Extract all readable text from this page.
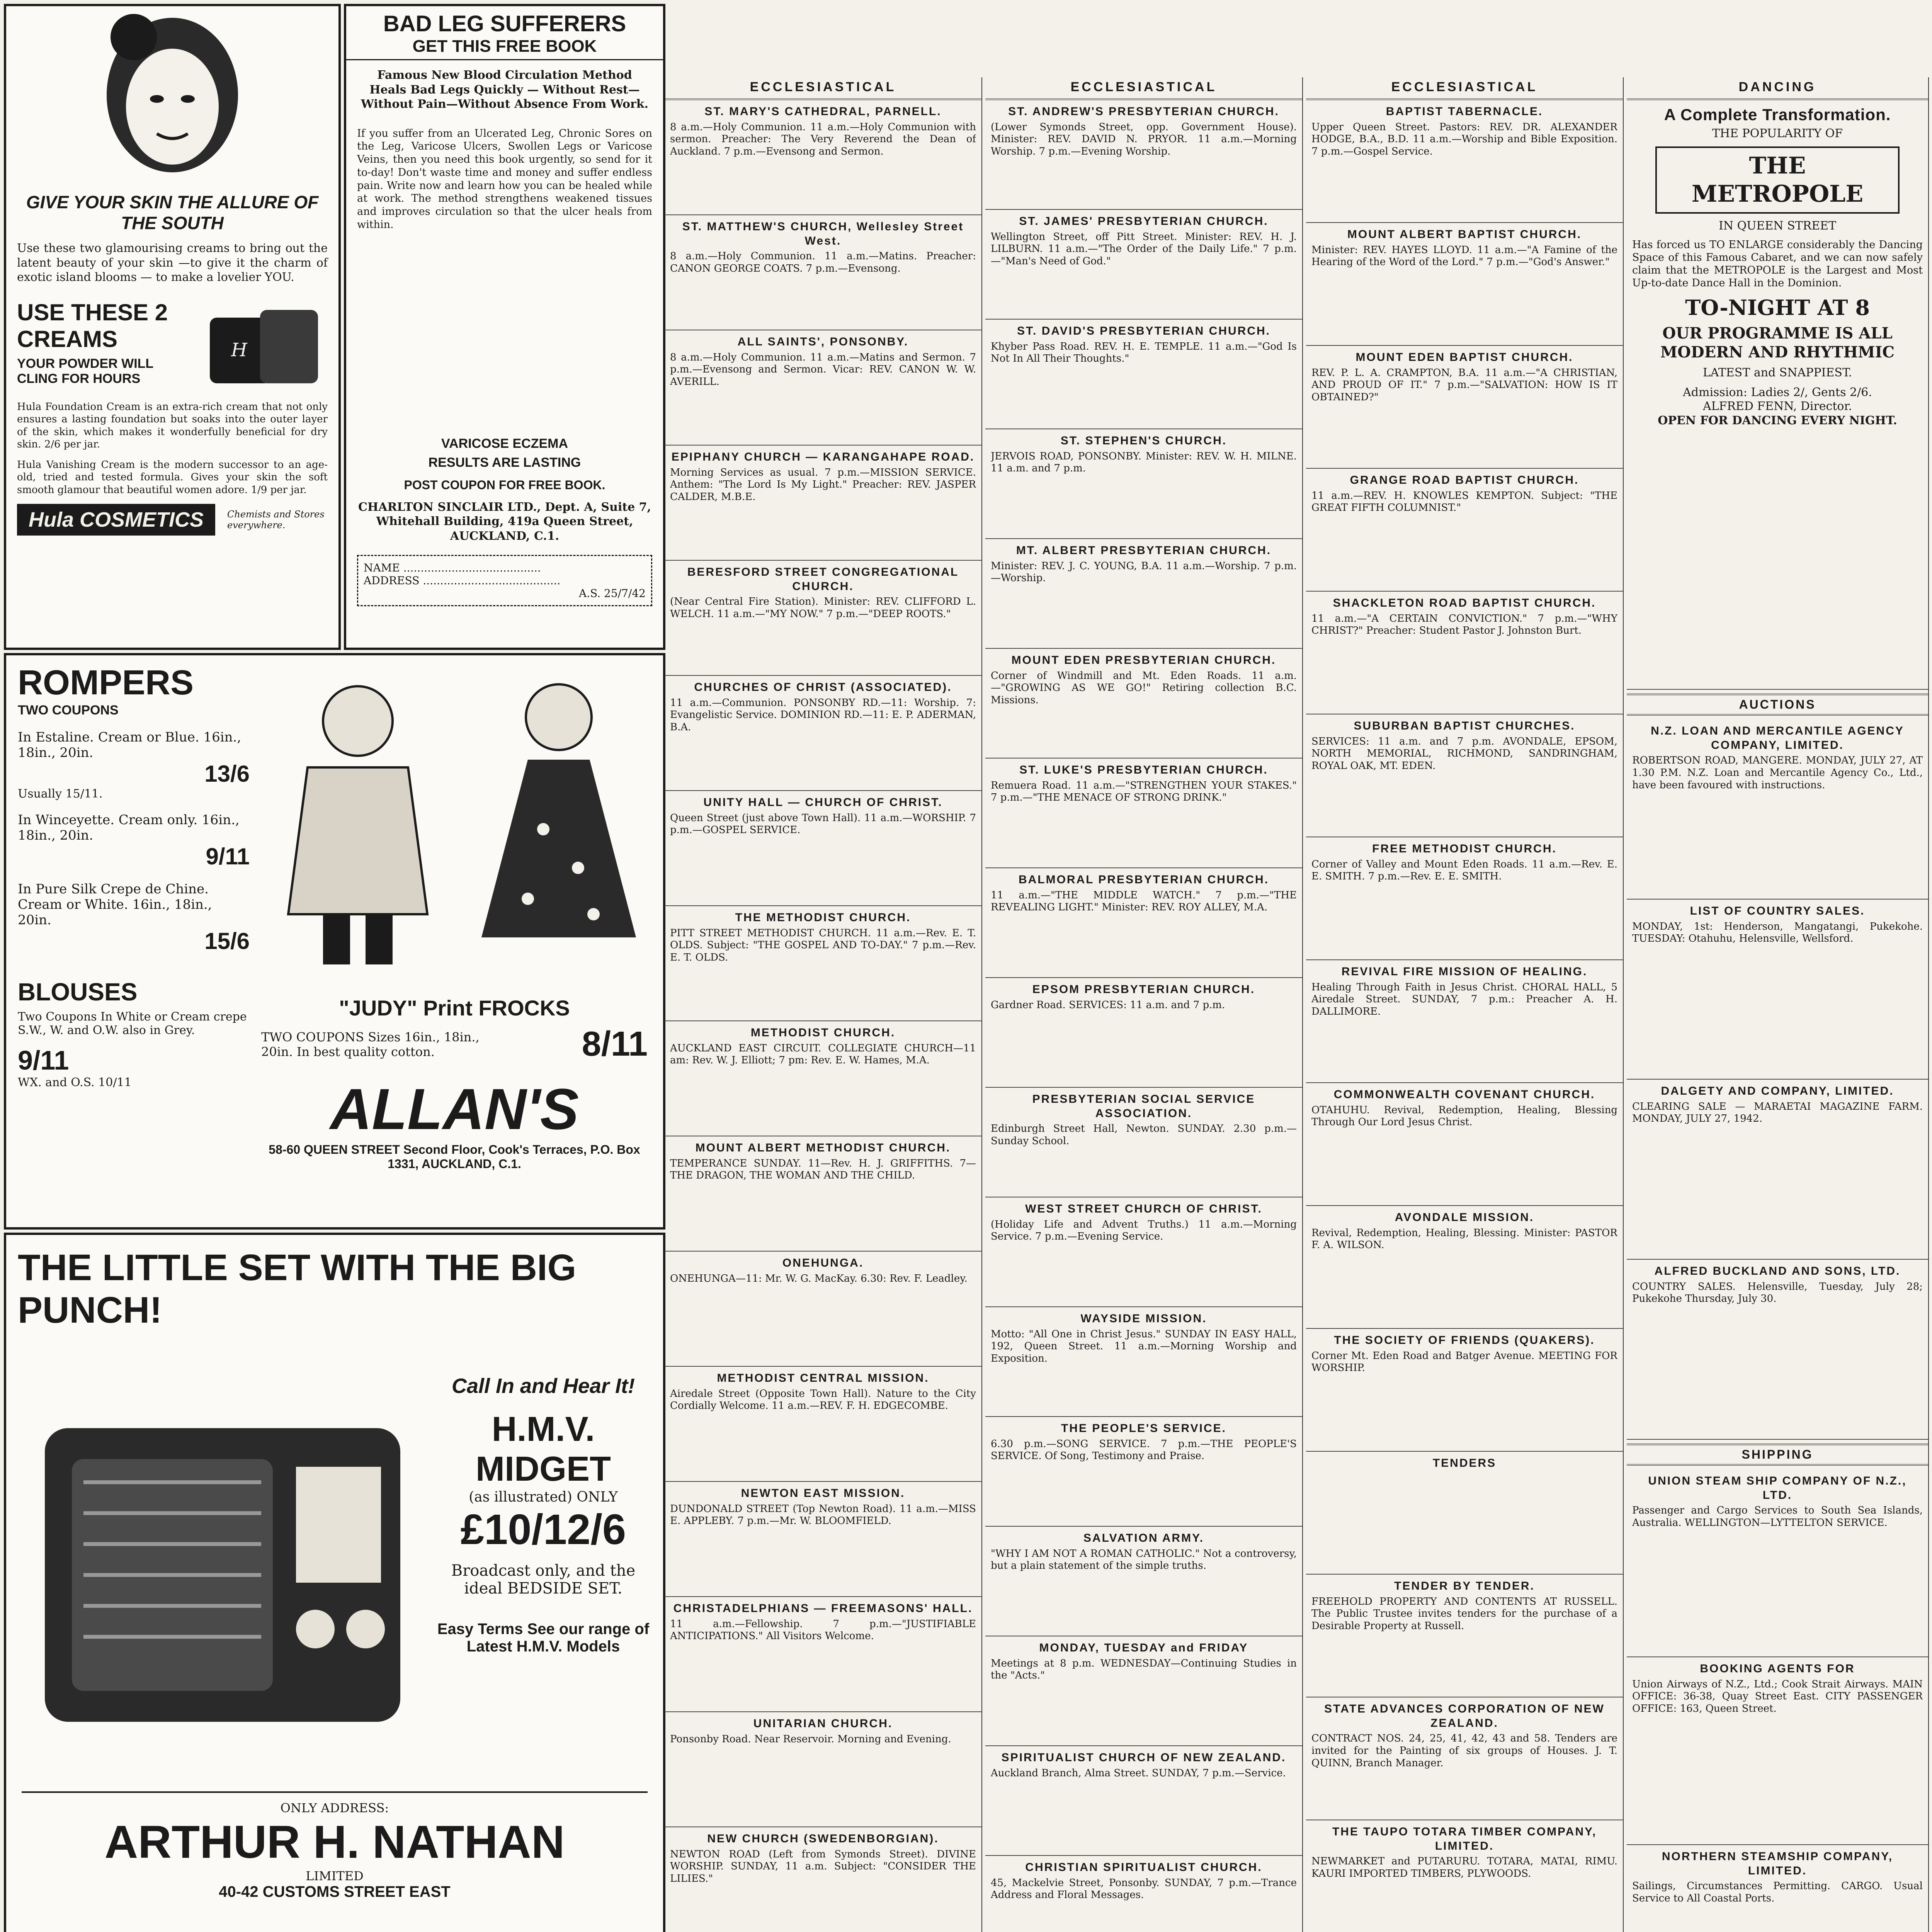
GIVE YOUR SKIN THE ALLURE OF THE SOUTH
Use these two glamourising creams to bring out the latent beauty of your skin —to give it the charm of exotic island blooms — to make a lovelier YOU.
USE THESE 2 CREAMS
YOUR POWDER WILL CLING FOR HOURS
H
Hula Foundation Cream is an extra-rich cream that not only ensures a lasting foundation but soaks into the outer layer of the skin, which makes it wonderfully beneficial for dry skin. 2/6 per jar.
Hula Vanishing Cream is the modern successor to an age-old, tried and tested formula. Gives your skin the soft smooth glamour that beautiful women adore. 1/9 per jar.
Hula COSMETICS	Chemists and Stores everywhere.
BAD LEG SUFFERERS
GET THIS FREE BOOK
Famous New Blood Circulation Method Heals Bad Legs Quickly — Without Rest—Without Pain—Without Absence From Work.
If you suffer from an Ulcerated Leg, Chronic Sores on the Leg, Varicose Ulcers, Swollen Legs or Varicose Veins, then you need this book urgently, so send for it to-day! Don't waste time and money and suffer endless pain. Write now and learn how you can be healed while at work. The method strengthens weakened tissues and improves circulation so that the ulcer heals from within.
VARICOSE ECZEMA
RESULTS ARE LASTING
POST COUPON FOR FREE BOOK.
CHARLTON SINCLAIR LTD., Dept. A, Suite 7, Whitehall Building, 419a Queen Street, AUCKLAND, C.1.
NAME ........................................
ADDRESS ........................................
A.S. 25/7/42
ROMPERS
TWO COUPONS
In Estaline. Cream or Blue. 16in., 18in., 20in.
13/6
Usually 15/11.
In Winceyette. Cream only. 16in., 18in., 20in.
9/11
In Pure Silk Crepe de Chine. Cream or White. 16in., 18in., 20in.
15/6
BLOUSES
Two Coupons In White or Cream crepe S.W., W. and O.W. also in Grey.
9/11
WX. and O.S. 10/11
"JUDY" Print FROCKS
TWO COUPONS Sizes 16in., 18in., 20in. In best quality cotton.	8/11
ALLAN'S
58-60 QUEEN STREET Second Floor, Cook's Terraces, P.O. Box 1331, AUCKLAND, C.1.
THE LITTLE SET WITH THE BIG PUNCH!
Call In and Hear It!
H.M.V. MIDGET
(as illustrated) ONLY
£10/12/6
Broadcast only, and the ideal BEDSIDE SET.
Easy Terms See our range of Latest H.M.V. Models
ONLY ADDRESS:
ARTHUR H. NATHAN
LIMITED
40-42 CUSTOMS STREET EAST
ECCLESIASTICAL
ST. MARY'S CATHEDRAL, PARNELL.
8 a.m.—Holy Communion. 11 a.m.—Holy Communion with sermon. Preacher: The Very Reverend the Dean of Auckland. 7 p.m.—Evensong and Sermon.
ST. MATTHEW'S CHURCH, Wellesley Street West.
8 a.m.—Holy Communion. 11 a.m.—Matins. Preacher: CANON GEORGE COATS. 7 p.m.—Evensong.
ALL SAINTS', PONSONBY.
8 a.m.—Holy Communion. 11 a.m.—Matins and Sermon. 7 p.m.—Evensong and Sermon. Vicar: REV. CANON W. W. AVERILL.
EPIPHANY CHURCH — KARANGAHAPE ROAD.
Morning Services as usual. 7 p.m.—MISSION SERVICE. Anthem: "The Lord Is My Light." Preacher: REV. JASPER CALDER, M.B.E.
BERESFORD STREET CONGREGATIONAL CHURCH.
(Near Central Fire Station). Minister: REV. CLIFFORD L. WELCH. 11 a.m.—"MY NOW." 7 p.m.—"DEEP ROOTS."
CHURCHES OF CHRIST (ASSOCIATED).
11 a.m.—Communion. PONSONBY RD.—11: Worship. 7: Evangelistic Service. DOMINION RD.—11: E. P. ADERMAN, B.A.
UNITY HALL — CHURCH OF CHRIST.
Queen Street (just above Town Hall). 11 a.m.—WORSHIP. 7 p.m.—GOSPEL SERVICE.
THE METHODIST CHURCH.
PITT STREET METHODIST CHURCH. 11 a.m.—Rev. E. T. OLDS. Subject: "THE GOSPEL AND TO-DAY." 7 p.m.—Rev. E. T. OLDS.
METHODIST CHURCH.
AUCKLAND EAST CIRCUIT. COLLEGIATE CHURCH—11 am: Rev. W. J. Elliott; 7 pm: Rev. E. W. Hames, M.A.
MOUNT ALBERT METHODIST CHURCH.
TEMPERANCE SUNDAY. 11—Rev. H. J. GRIFFITHS. 7—THE DRAGON, THE WOMAN AND THE CHILD.
ONEHUNGA.
ONEHUNGA—11: Mr. W. G. MacKay. 6.30: Rev. F. Leadley.
METHODIST CENTRAL MISSION.
Airedale Street (Opposite Town Hall). Nature to the City Cordially Welcome. 11 a.m.—REV. F. H. EDGECOMBE.
NEWTON EAST MISSION.
DUNDONALD STREET (Top Newton Road). 11 a.m.—MISS E. APPLEBY. 7 p.m.—Mr. W. BLOOMFIELD.
CHRISTADELPHIANS — FREEMASONS' HALL.
11 a.m.—Fellowship. 7 p.m.—"JUSTIFIABLE ANTICIPATIONS." All Visitors Welcome.
UNITARIAN CHURCH.
Ponsonby Road. Near Reservoir. Morning and Evening.
NEW CHURCH (SWEDENBORGIAN).
NEWTON ROAD (Left from Symonds Street). DIVINE WORSHIP. SUNDAY, 11 a.m. Subject: "CONSIDER THE LILIES."
ECCLESIASTICAL
ST. ANDREW'S PRESBYTERIAN CHURCH.
(Lower Symonds Street, opp. Government House). Minister: REV. DAVID N. PRYOR. 11 a.m.—Morning Worship. 7 p.m.—Evening Worship.
ST. JAMES' PRESBYTERIAN CHURCH.
Wellington Street, off Pitt Street. Minister: REV. H. J. LILBURN. 11 a.m.—"The Order of the Daily Life." 7 p.m.—"Man's Need of God."
ST. DAVID'S PRESBYTERIAN CHURCH.
Khyber Pass Road. REV. H. E. TEMPLE. 11 a.m.—"God Is Not In All Their Thoughts."
ST. STEPHEN'S CHURCH.
JERVOIS ROAD, PONSONBY. Minister: REV. W. H. MILNE. 11 a.m. and 7 p.m.
MT. ALBERT PRESBYTERIAN CHURCH.
Minister: REV. J. C. YOUNG, B.A. 11 a.m.—Worship. 7 p.m.—Worship.
MOUNT EDEN PRESBYTERIAN CHURCH.
Corner of Windmill and Mt. Eden Roads. 11 a.m.—"GROWING AS WE GO!" Retiring collection B.C. Missions.
ST. LUKE'S PRESBYTERIAN CHURCH.
Remuera Road. 11 a.m.—"STRENGTHEN YOUR STAKES." 7 p.m.—"THE MENACE OF STRONG DRINK."
BALMORAL PRESBYTERIAN CHURCH.
11 a.m.—"THE MIDDLE WATCH." 7 p.m.—"THE REVEALING LIGHT." Minister: REV. ROY ALLEY, M.A.
EPSOM PRESBYTERIAN CHURCH.
Gardner Road. SERVICES: 11 a.m. and 7 p.m.
PRESBYTERIAN SOCIAL SERVICE ASSOCIATION.
Edinburgh Street Hall, Newton. SUNDAY. 2.30 p.m.—Sunday School.
WEST STREET CHURCH OF CHRIST.
(Holiday Life and Advent Truths.) 11 a.m.—Morning Service. 7 p.m.—Evening Service.
WAYSIDE MISSION.
Motto: "All One in Christ Jesus." SUNDAY IN EASY HALL, 192, Queen Street. 11 a.m.—Morning Worship and Exposition.
THE PEOPLE'S SERVICE.
6.30 p.m.—SONG SERVICE. 7 p.m.—THE PEOPLE'S SERVICE. Of Song, Testimony and Praise.
SALVATION ARMY.
"WHY I AM NOT A ROMAN CATHOLIC." Not a controversy, but a plain statement of the simple truths.
MONDAY, TUESDAY and FRIDAY
Meetings at 8 p.m. WEDNESDAY—Continuing Studies in the "Acts."
SPIRITUALIST CHURCH OF NEW ZEALAND.
Auckland Branch, Alma Street. SUNDAY, 7 p.m.—Service.
CHRISTIAN SPIRITUALIST CHURCH.
45, Mackelvie Street, Ponsonby. SUNDAY, 7 p.m.—Trance Address and Floral Messages.
ECCLESIASTICAL
BAPTIST TABERNACLE.
Upper Queen Street. Pastors: REV. DR. ALEXANDER HODGE, B.A., B.D. 11 a.m.—Worship and Bible Exposition. 7 p.m.—Gospel Service.
MOUNT ALBERT BAPTIST CHURCH.
Minister: REV. HAYES LLOYD. 11 a.m.—"A Famine of the Hearing of the Word of the Lord." 7 p.m.—"God's Answer."
MOUNT EDEN BAPTIST CHURCH.
REV. P. L. A. CRAMPTON, B.A. 11 a.m.—"A CHRISTIAN, AND PROUD OF IT." 7 p.m.—"SALVATION: HOW IS IT OBTAINED?"
GRANGE ROAD BAPTIST CHURCH.
11 a.m.—REV. H. KNOWLES KEMPTON. Subject: "THE GREAT FIFTH COLUMNIST."
SHACKLETON ROAD BAPTIST CHURCH.
11 a.m.—"A CERTAIN CONVICTION." 7 p.m.—"WHY CHRIST?" Preacher: Student Pastor J. Johnston Burt.
SUBURBAN BAPTIST CHURCHES.
SERVICES: 11 a.m. and 7 p.m. AVONDALE, EPSOM, NORTH MEMORIAL, RICHMOND, SANDRINGHAM, ROYAL OAK, MT. EDEN.
FREE METHODIST CHURCH.
Corner of Valley and Mount Eden Roads. 11 a.m.—Rev. E. E. SMITH. 7 p.m.—Rev. E. E. SMITH.
REVIVAL FIRE MISSION OF HEALING.
Healing Through Faith in Jesus Christ. CHORAL HALL, 5 Airedale Street. SUNDAY, 7 p.m.: Preacher A. H. DALLIMORE.
COMMONWEALTH COVENANT CHURCH.
OTAHUHU. Revival, Redemption, Healing, Blessing Through Our Lord Jesus Christ.
AVONDALE MISSION.
Revival, Redemption, Healing, Blessing. Minister: PASTOR F. A. WILSON.
THE SOCIETY OF FRIENDS (QUAKERS).
Corner Mt. Eden Road and Batger Avenue. MEETING FOR WORSHIP.
TENDERS
TENDER BY TENDER.
FREEHOLD PROPERTY AND CONTENTS AT RUSSELL. The Public Trustee invites tenders for the purchase of a Desirable Property at Russell.
STATE ADVANCES CORPORATION OF NEW ZEALAND.
CONTRACT NOS. 24, 25, 41, 42, 43 and 58. Tenders are invited for the Painting of six groups of Houses. J. T. QUINN, Branch Manager.
THE TAUPO TOTARA TIMBER COMPANY, LIMITED.
NEWMARKET and PUTARURU. TOTARA, MATAI, RIMU. KAURI IMPORTED TIMBERS, PLYWOODS.
DANCING
A Complete Transformation.
THE POPULARITY OF
THE METROPOLE
IN QUEEN STREET
Has forced us TO ENLARGE considerably the Dancing Space of this Famous Cabaret, and we can now safely claim that the METROPOLE is the Largest and Most Up-to-date Dance Hall in the Dominion.
TO-NIGHT AT 8
OUR PROGRAMME IS ALL MODERN AND RHYTHMIC
LATEST and SNAPPIEST.
Admission: Ladies 2/, Gents 2/6.
ALFRED FENN, Director.
OPEN FOR DANCING EVERY NIGHT.
AUCTIONS
N.Z. LOAN AND MERCANTILE AGENCY COMPANY, LIMITED.
ROBERTSON ROAD, MANGERE. MONDAY, JULY 27, AT 1.30 P.M. N.Z. Loan and Mercantile Agency Co., Ltd., have been favoured with instructions.
LIST OF COUNTRY SALES.
MONDAY, 1st: Henderson, Mangatangi, Pukekohe. TUESDAY: Otahuhu, Helensville, Wellsford.
DALGETY AND COMPANY, LIMITED.
CLEARING SALE — MARAETAI MAGAZINE FARM. MONDAY, JULY 27, 1942.
ALFRED BUCKLAND AND SONS, LTD.
COUNTRY SALES. Helensville, Tuesday, July 28; Pukekohe Thursday, July 30.
SHIPPING
UNION STEAM SHIP COMPANY OF N.Z., LTD.
Passenger and Cargo Services to South Sea Islands, Australia. WELLINGTON—LYTTELTON SERVICE.
BOOKING AGENTS FOR
Union Airways of N.Z., Ltd.; Cook Strait Airways. MAIN OFFICE: 36-38, Quay Street East. CITY PASSENGER OFFICE: 163, Queen Street.
NORTHERN STEAMSHIP COMPANY, LIMITED.
Sailings, Circumstances Permitting. CARGO. Usual Service to All Coastal Ports.
